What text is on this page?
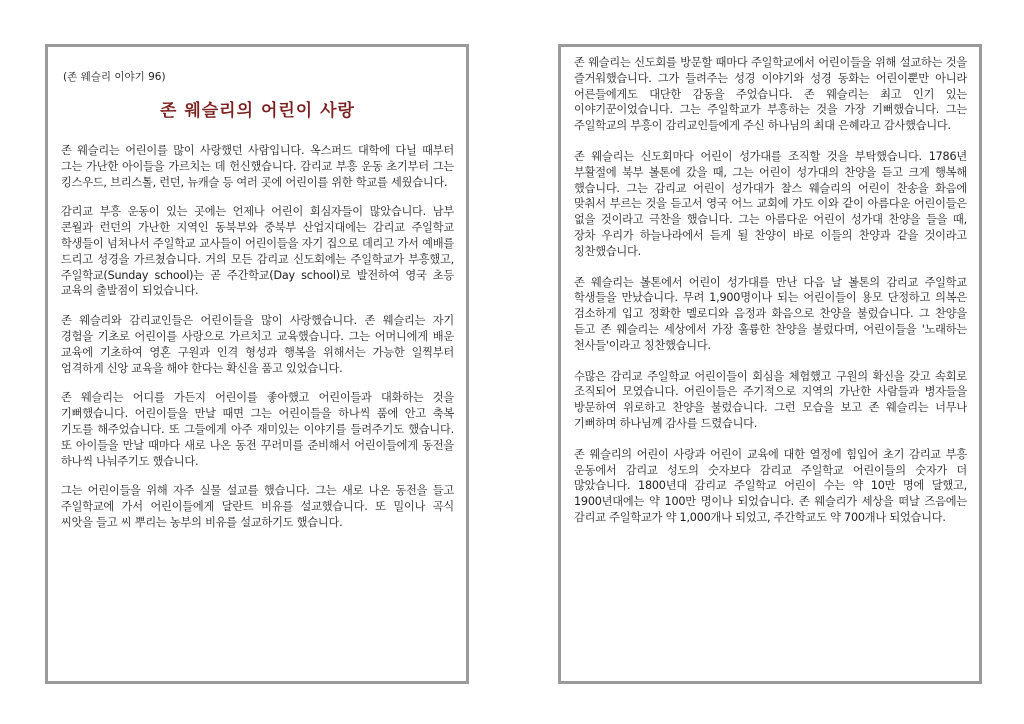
(존 웨슬리 이야기 96)
존 웨슬리의 어린이 사랑

존 웨슬리는 어린이를 많이 사랑했던 사람입니다. 옥스퍼드 대학에 다닐 때부터 그는 가난한 아이들을 가르치는 데 헌신했습니다. 감리교 부흥 운동 초기부터 그는 킹스우드, 브리스톨, 런던, 뉴캐슬 등 여러 곳에 어린이를 위한 학교를 세웠습니다.

감리교 부흥 운동이 있는 곳에는 언제나 어린이 회심자들이 많았습니다. 남부 콘월과 런던의 가난한 지역인 동북부와 중북부 산업지대에는 감리교 주일학교 학생들이 넘쳐나서 주일학교 교사들이 어린이들을 자기 집으로 데리고 가서 예배를 드리고 성경을 가르쳤습니다. 거의 모든 감리교 신도회에는 주일학교가 부흥했고, 주일학교(Sunday school)는 곧 주간학교(Day school)로 발전하여 영국 초등 교육의 출발점이 되었습니다.

존 웨슬리와 감리교인들은 어린이들을 많이 사랑했습니다. 존 웨슬리는 자기 경험을 기초로 어린이를 사랑으로 가르치고 교육했습니다. 그는 어머니에게 배운 교육에 기초하여 영혼 구원과 인격 형성과 행복을 위해서는 가능한 일찍부터 엄격하게 신앙 교육을 해야 한다는 확신을 품고 있었습니다.

존 웨슬리는 어디를 가든지 어린이를 좋아했고 어린이들과 대화하는 것을 기뻐했습니다. 어린이들을 만날 때면 그는 어린이들을 하나씩 품에 안고 축복 기도를 해주었습니다. 또 그들에게 아주 재미있는 이야기를 들려주기도 했습니다. 또 아이들을 만날 때마다 새로 나온 동전 꾸러미를 준비해서 어린이들에게 동전을 하나씩 나눠주기도 했습니다.

그는 어린이들을 위해 자주 실물 설교를 했습니다. 그는 새로 나온 동전을 들고 주일학교에 가서 어린이들에게 달란트 비유를 설교했습니다. 또 밀이나 곡식 씨앗을 들고 씨 뿌리는 농부의 비유를 설교하기도 했습니다.

존 웨슬리는 신도회를 방문할 때마다 주일학교에서 어린이들을 위해 설교하는 것을 즐거워했습니다. 그가 들려주는 성경 이야기와 성경 동화는 어린이뿐만 아니라 어른들에게도 대단한 감동을 주었습니다. 존 웨슬리는 최고 인기 있는 이야기꾼이었습니다. 그는 주일학교가 부흥하는 것을 가장 기뻐했습니다. 그는 주일학교의 부흥이 감리교인들에게 주신 하나님의 최대 은혜라고 감사했습니다.

존 웨슬리는 신도회마다 어린이 성가대를 조직할 것을 부탁했습니다. 1786년 부활절에 북부 볼톤에 갔을 때, 그는 어린이 성가대의 찬양을 듣고 크게 행복해 했습니다. 그는 감리교 어린이 성가대가 찰스 웨슬리의 어린이 찬송을 화음에 맞춰서 부르는 것을 듣고서 영국 어느 교회에 가도 이와 같이 아름다운 어린이들은 없을 것이라고 극찬을 했습니다. 그는 아름다운 어린이 성가대 찬양을 들을 때, 장차 우리가 하늘나라에서 듣게 될 찬양이 바로 이들의 찬양과 같을 것이라고 칭찬했습니다.

존 웨슬리는 볼톤에서 어린이 성가대를 만난 다음 날 볼톤의 감리교 주일학교 학생들을 만났습니다. 무려 1,900명이나 되는 어린이들이 용모 단정하고 의복은 검소하게 입고 정확한 멜로디와 음정과 화음으로 찬양을 불렀습니다. 그 찬양을 듣고 존 웨슬리는 세상에서 가장 훌륭한 찬양을 불렀다며, 어린이들을 '노래하는 천사들'이라고 칭찬했습니다.

수많은 감리교 주일학교 어린이들이 회심을 체험했고 구원의 확신을 갖고 속회로 조직되어 모였습니다. 어린이들은 주기적으로 지역의 가난한 사람들과 병자들을 방문하여 위로하고 찬양을 불렀습니다. 그런 모습을 보고 존 웨슬리는 너무나 기뻐하며 하나님께 감사를 드렸습니다.

존 웨슬리의 어린이 사랑과 어린이 교육에 대한 열정에 힘입어 초기 감리교 부흥 운동에서 감리교 성도의 숫자보다 감리교 주일학교 어린이들의 숫자가 더 많았습니다. 1800년대 감리교 주일학교 어린이 수는 약 10만 명에 달했고, 1900년대에는 약 100만 명이나 되었습니다. 존 웨슬리가 세상을 떠날 즈음에는 감리교 주일학교가 약 1,000개나 되었고, 주간학교도 약 700개나 되었습니다.
